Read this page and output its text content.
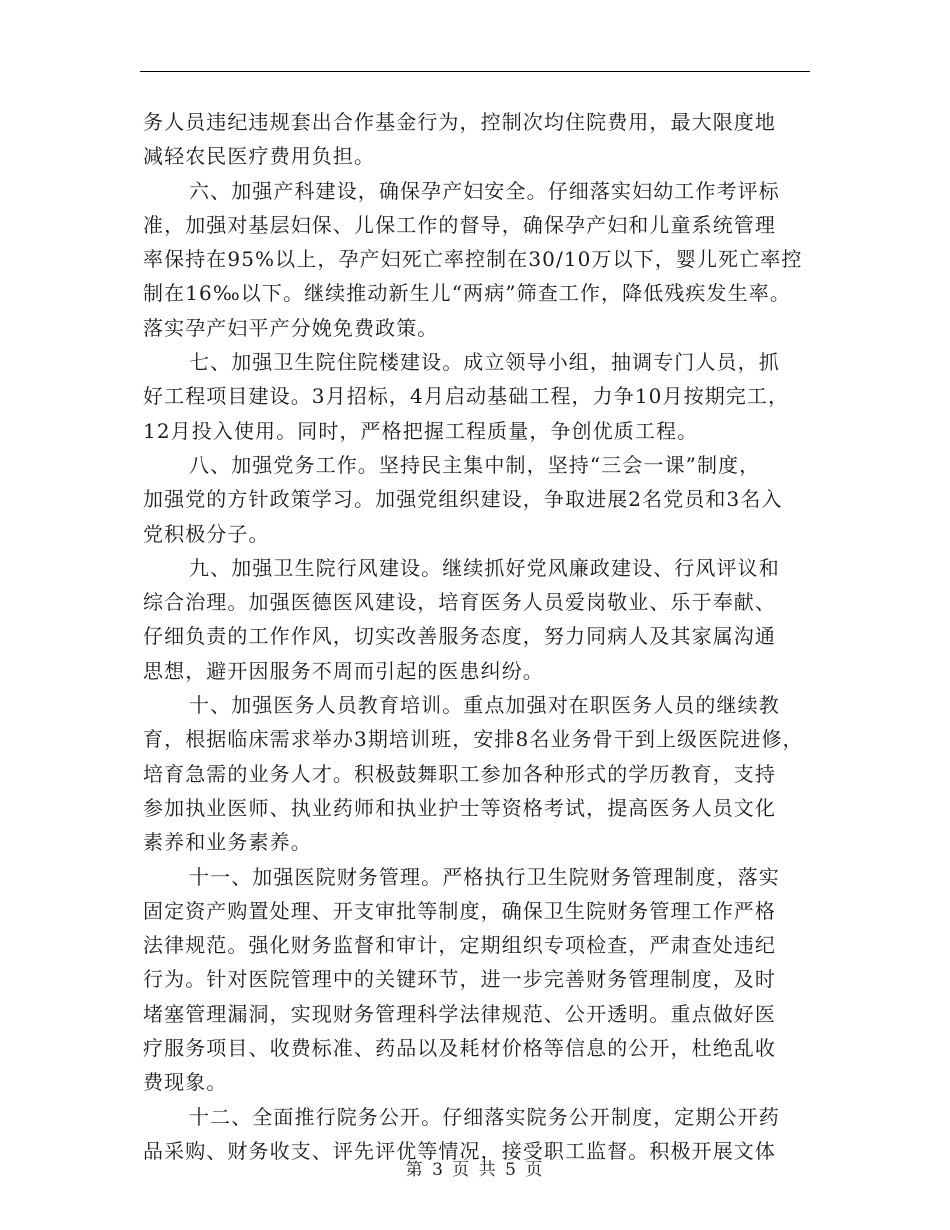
务人员违纪违规套出合作基金行为，控制次均住院费用，最大限度地
减轻农民医疗费用负担。
六、加强产科建设，确保孕产妇安全。仔细落实妇幼工作考评标
准，加强对基层妇保、儿保工作的督导，确保孕产妇和儿童系统管理
率保持在95%以上，孕产妇死亡率控制在30/10万以下，婴儿死亡率控
制在16‰以下。继续推动新生儿“两病”筛查工作，降低残疾发生率。
落实孕产妇平产分娩免费政策。
七、加强卫生院住院楼建设。成立领导小组，抽调专门人员，抓
好工程项目建设。3月招标，4月启动基础工程，力争10月按期完工，
12月投入使用。同时，严格把握工程质量，争创优质工程。
八、加强党务工作。坚持民主集中制，坚持“三会一课”制度，
加强党的方针政策学习。加强党组织建设，争取进展2名党员和3名入
党积极分子。
九、加强卫生院行风建设。继续抓好党风廉政建设、行风评议和
综合治理。加强医德医风建设，培育医务人员爱岗敬业、乐于奉献、
仔细负责的工作作风，切实改善服务态度，努力同病人及其家属沟通
思想，避开因服务不周而引起的医患纠纷。
十、加强医务人员教育培训。重点加强对在职医务人员的继续教
育，根据临床需求举办3期培训班，安排8名业务骨干到上级医院进修，
培育急需的业务人才。积极鼓舞职工参加各种形式的学历教育，支持
参加执业医师、执业药师和执业护士等资格考试，提高医务人员文化
素养和业务素养。
十一、加强医院财务管理。严格执行卫生院财务管理制度，落实
固定资产购置处理、开支审批等制度，确保卫生院财务管理工作严格
法律规范。强化财务监督和审计，定期组织专项检查，严肃查处违纪
行为。针对医院管理中的关键环节，进一步完善财务管理制度，及时
堵塞管理漏洞，实现财务管理科学法律规范、公开透明。重点做好医
疗服务项目、收费标准、药品以及耗材价格等信息的公开，杜绝乱收
费现象。
十二、全面推行院务公开。仔细落实院务公开制度，定期公开药
品采购、财务收支、评先评优等情况，接受职工监督。积极开展文体
第 3 页 共 5 页
